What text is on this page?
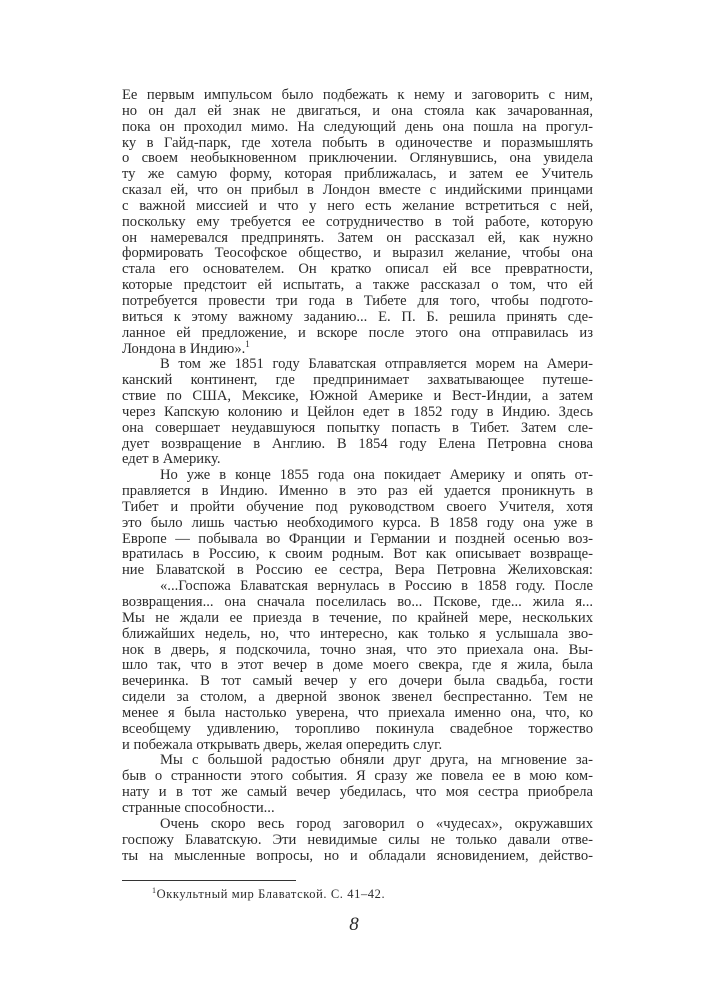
Ее первым импульсом было подбежать к нему и заговорить с ним,
но он дал ей знак не двигаться, и она стояла как зачарованная,
пока он проходил мимо. На следующий день она пошла на прогул-
ку в Гайд-парк, где хотела побыть в одиночестве и поразмышлять
о своем необыкновенном приключении. Оглянувшись, она увидела
ту же самую форму, которая приближалась, и затем ее Учитель
сказал ей, что он прибыл в Лондон вместе с индийскими принцами
с важной миссией и что у него есть желание встретиться с ней,
поскольку ему требуется ее сотрудничество в той работе, которую
он намеревался предпринять. Затем он рассказал ей, как нужно
формировать Теософское общество, и выразил желание, чтобы она
стала его основателем. Он кратко описал ей все превратности,
которые предстоит ей испытать, а также рассказал о том, что ей
потребуется провести три года в Тибете для того, чтобы подгото-
виться к этому важному заданию... Е. П. Б. решила принять сде-
ланное ей предложение, и вскоре после этого она отправилась из
Лондона в Индию».$^1$
В том же 1851 году Блаватская отправляется морем на Амери-
канский континент, где предпринимает захватывающее путеше-
ствие по США, Мексике, Южной Америке и Вест-Индии, а затем
через Капскую колонию и Цейлон едет в 1852 году в Индию. Здесь
она совершает неудавшуюся попытку попасть в Тибет. Затем сле-
дует возвращение в Англию. В 1854 году Елена Петровна снова
едет в Америку.
Но уже в конце 1855 года она покидает Америку и опять от-
правляется в Индию. Именно в это раз ей удается проникнуть в
Тибет и пройти обучение под руководством своего Учителя, хотя
это было лишь частью необходимого курса. В 1858 году она уже в
Европе — побывала во Франции и Германии и поздней осенью воз-
вратилась в Россию, к своим родным. Вот как описывает возвраще-
ние Блаватской в Россию ее сестра, Вера Петровна Желиховская:
«...Госпожа Блаватская вернулась в Россию в 1858 году. После
возвращения... она сначала поселилась во... Пскове, где... жила я...
Мы не ждали ее приезда в течение, по крайней мере, нескольких
ближайших недель, но, что интересно, как только я услышала зво-
нок в дверь, я подскочила, точно зная, что это приехала она. Вы-
шло так, что в этот вечер в доме моего свекра, где я жила, была
вечеринка. В тот самый вечер у его дочери была свадьба, гости
сидели за столом, а дверной звонок звенел беспрестанно. Тем не
менее я была настолько уверена, что приехала именно она, что, ко
всеобщему удивлению, торопливо покинула свадебное торжество
и побежала открывать дверь, желая опередить слуг.
Мы с большой радостью обняли друг друга, на мгновение за-
быв о странности этого события. Я сразу же повела ее в мою ком-
нату и в тот же самый вечер убедилась, что моя сестра приобрела
странные способности...
Очень скоро весь город заговорил о «чудесах», окружавших
госпожу Блаватскую. Эти невидимые силы не только давали отве-
ты на мысленные вопросы, но и обладали ясновидением, действо-
$^1$Оккультный мир Блаватской. С. 41–42.
8
